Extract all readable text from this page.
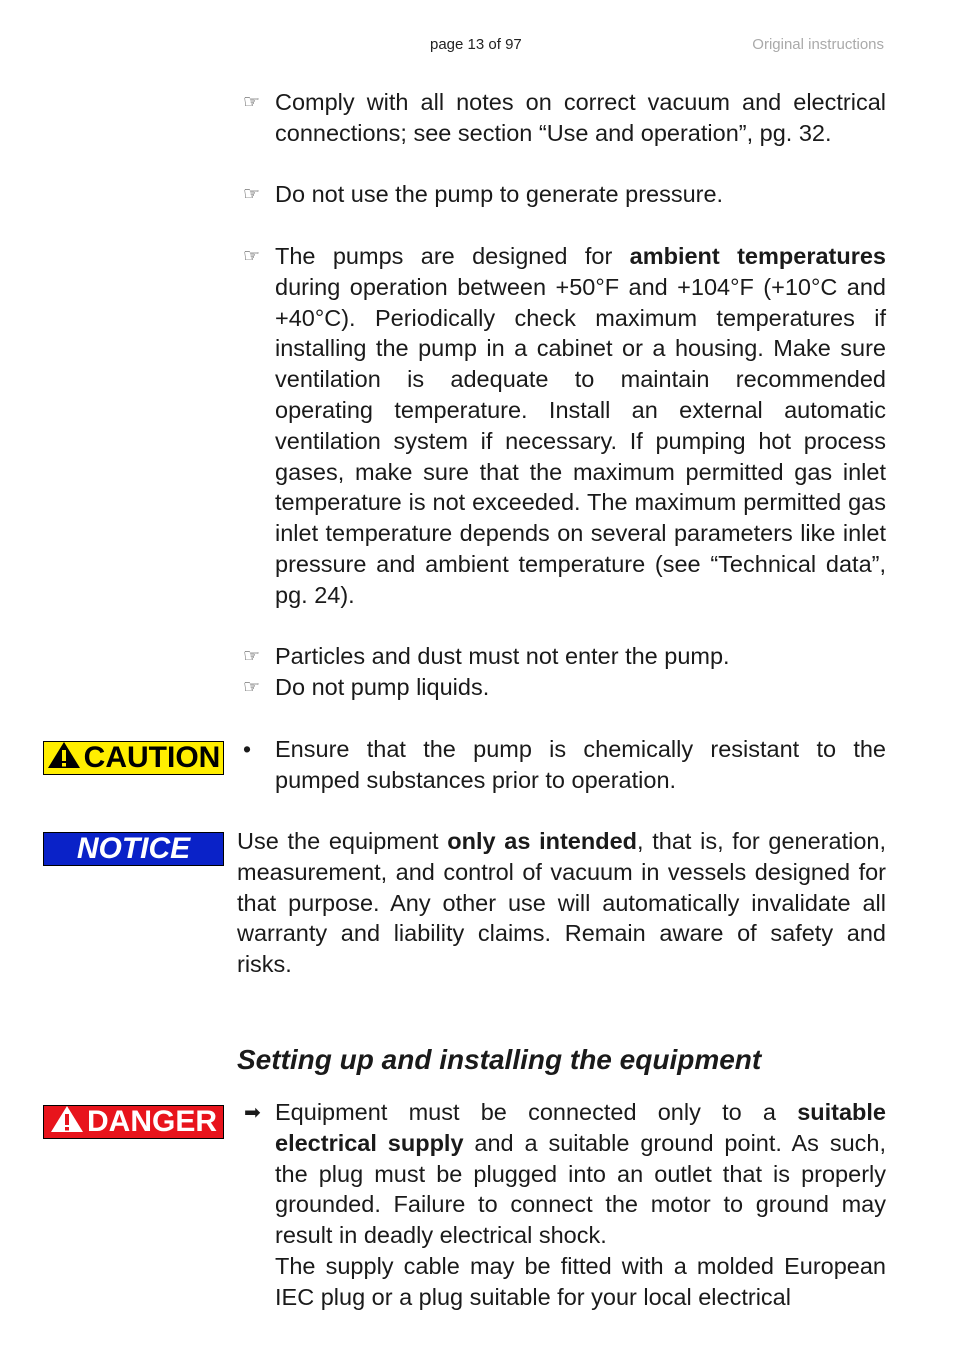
page 13 of 97	Original instructions
☞ Comply with all notes on correct vacuum and electrical connections; see section “Use and operation”, pg. 32.

☞ Do not use the pump to generate pressure.

☞ The pumps are designed for ambient temperatures during operation between +50°F and +104°F (+10°C and +40°C). Periodically check maximum temperatures if installing the pump in a cabinet or a housing. Make sure ventilation is adequate to maintain recommended operating temperature. Install an external automatic ventilation system if necessary. If pumping hot process gases, make sure that the maximum permitted gas inlet temperature is not exceeded. The maximum permitted gas inlet temperature depends on several parameters like inlet pressure and ambient temperature (see “Technical data”, pg. 24).

☞ Particles and dust must not enter the pump.

☞ Do not pump liquids.

CAUTION • Ensure that the pump is chemically resistant to the pumped substances prior to operation.

NOTICE Use the equipment only as intended, that is, for generation, measurement, and control of vacuum in vessels designed for that purpose. Any other use will automatically invalidate all warranty and liability claims. Remain aware of safety and risks.

Setting up and installing the equipment
DANGER ➡ Equipment must be connected only to a suitable electrical supply and a suitable ground point. As such, the plug must be plugged into an outlet that is properly grounded. Failure to connect the motor to ground may result in deadly electrical shock.

The supply cable may be fitted with a molded European IEC plug or a plug suitable for your local electrical
